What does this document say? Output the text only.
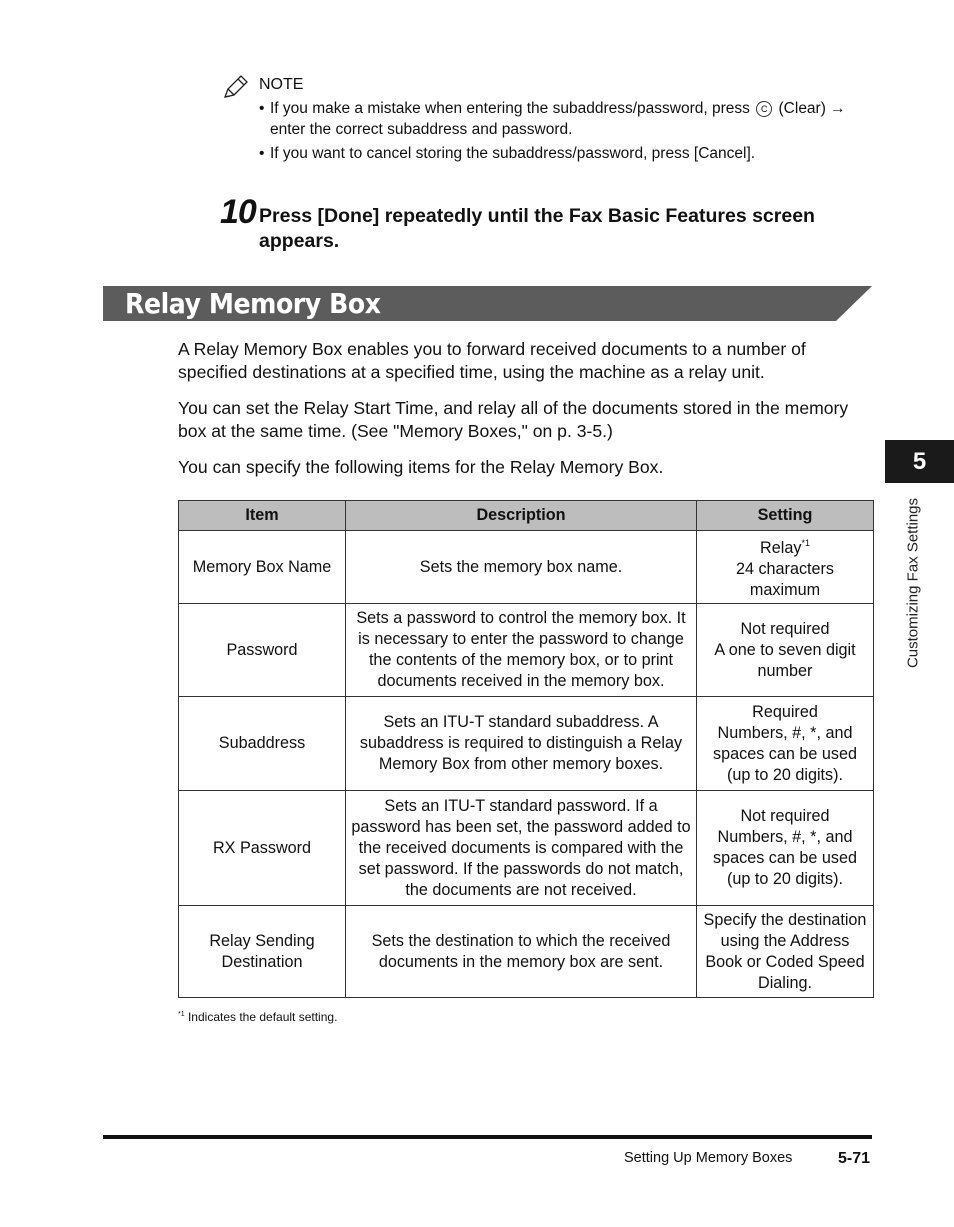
NOTE
• If you make a mistake when entering the subaddress/password, press C (Clear) →
enter the correct subaddress and password.
• If you want to cancel storing the subaddress/password, press [Cancel].
10 Press [Done] repeatedly until the Fax Basic Features screen appears.
Relay Memory Box
A Relay Memory Box enables you to forward received documents to a number of specified destinations at a specified time, using the machine as a relay unit.
You can set the Relay Start Time, and relay all of the documents stored in the memory box at the same time. (See "Memory Boxes," on p. 3-5.)
You can specify the following items for the Relay Memory Box.	5
Customizing Fax Settings
Item	Description	Setting
Memory Box Name	Sets the memory box name.	Relay$^{*1}$
24 characters
maximum
Password	Sets a password to control the memory box. It is necessary to enter the password to change the contents of the memory box, or to print documents received in the memory box.	Not required
A one to seven digit number
Subaddress	Sets an ITU-T standard subaddress. A subaddress is required to distinguish a Relay Memory Box from other memory boxes.	Required
Numbers, #, *, and spaces can be used (up to 20 digits).
RX Password	Sets an ITU-T standard password. If a password has been set, the password added to the received documents is compared with the set password. If the passwords do not match, the documents are not received.	Not required
Numbers, #, *, and spaces can be used (up to 20 digits).
Relay Sending Destination	Sets the destination to which the received documents in the memory box are sent.	Specify the destination using the Address Book or Coded Speed Dialing.
$^{*1}$ Indicates the default setting.
Setting Up Memory Boxes	5-71
